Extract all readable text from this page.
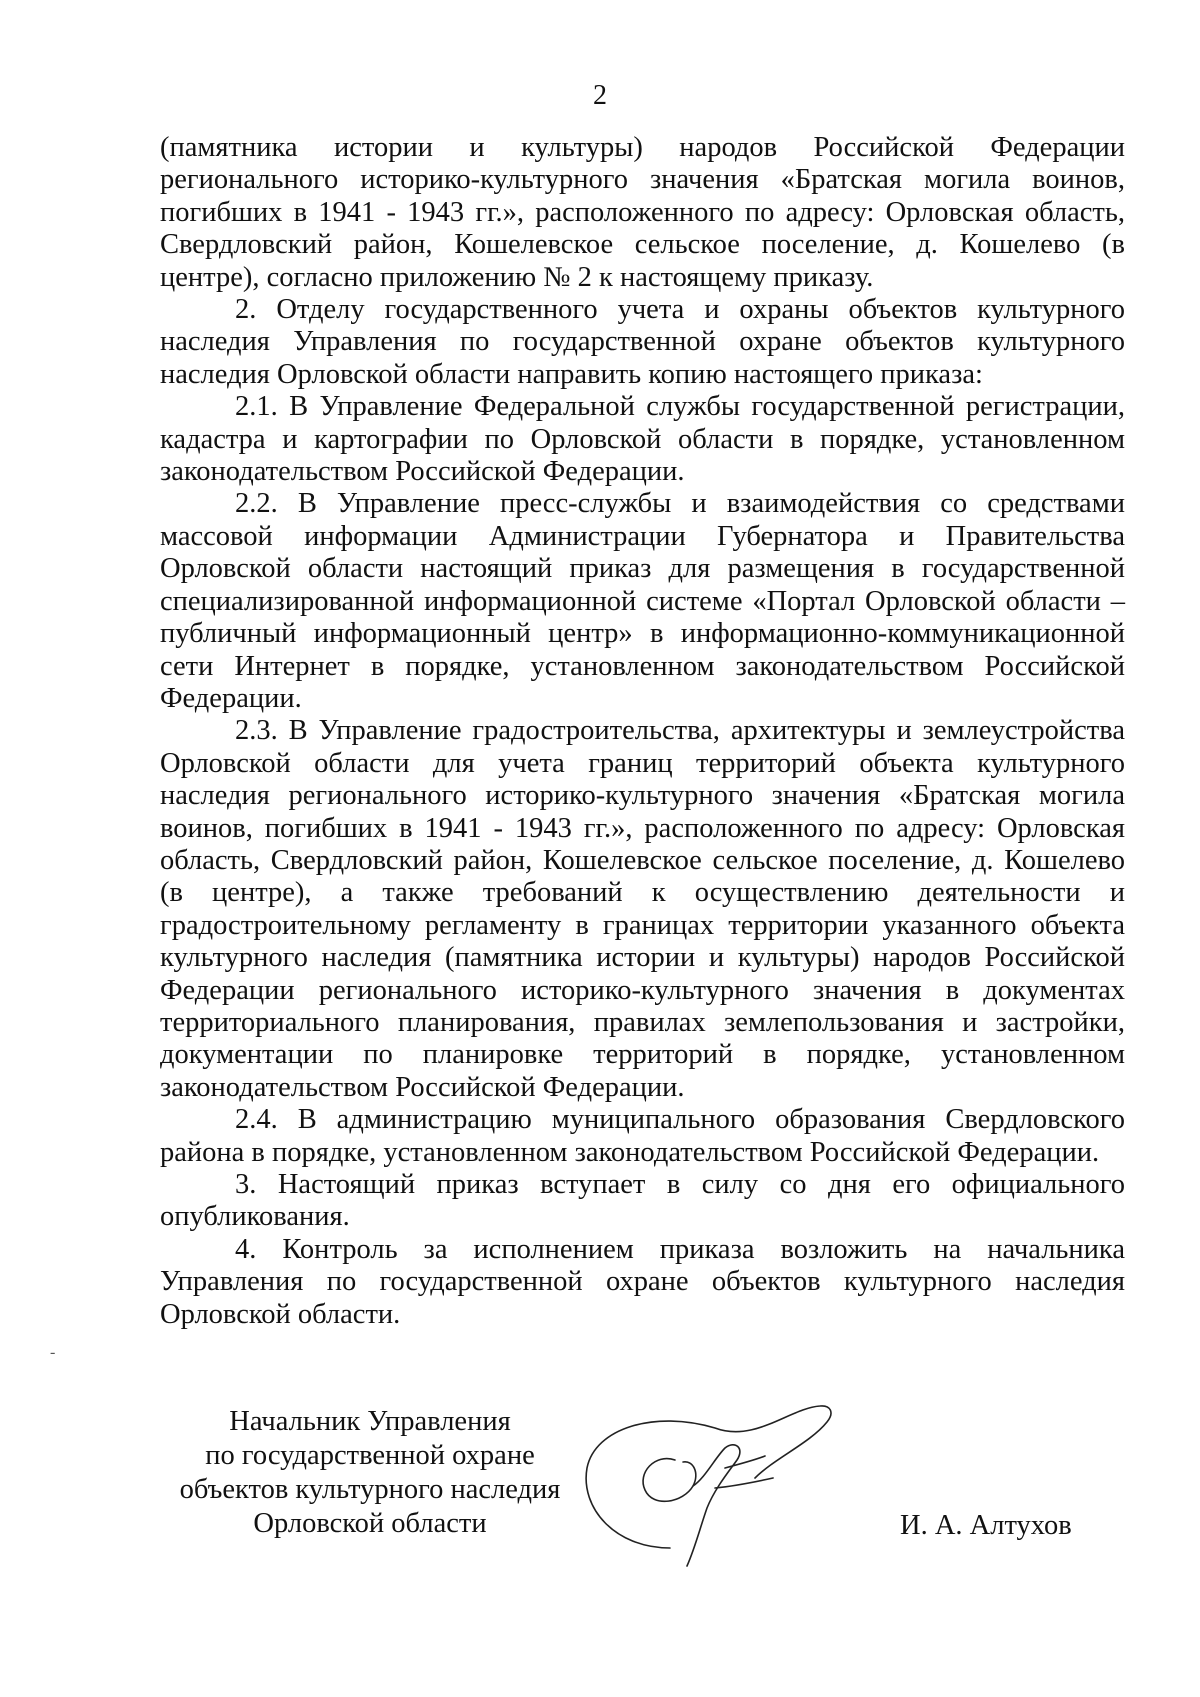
2

(памятника истории и культуры) народов Российской Федерации регионального историко-культурного значения «Братская могила воинов, погибших в 1941 - 1943 гг.», расположенного по адресу: Орловская область, Свердловский район, Кошелевское сельское поселение, д. Кошелево (в центре), согласно приложению № 2 к настоящему приказу.

2. Отделу государственного учета и охраны объектов культурного наследия Управления по государственной охране объектов культурного наследия Орловской области направить копию настоящего приказа:

2.1. В Управление Федеральной службы государственной регистрации, кадастра и картографии по Орловской области в порядке, установленном законодательством Российской Федерации.

2.2. В Управление пресс-службы и взаимодействия со средствами массовой информации Администрации Губернатора и Правительства Орловской области настоящий приказ для размещения в государственной специализированной информационной системе «Портал Орловской области – публичный информационный центр» в информационно-коммуникационной сети Интернет в порядке, установленном законодательством Российской Федерации.

2.3. В Управление градостроительства, архитектуры и землеустройства Орловской области для учета границ территорий объекта культурного наследия регионального историко-культурного значения «Братская могила воинов, погибших в 1941 - 1943 гг.», расположенного по адресу: Орловская область, Свердловский район, Кошелевское сельское поселение, д. Кошелево (в центре), а также требований к осуществлению деятельности и градостроительному регламенту в границах территории указанного объекта культурного наследия (памятника истории и культуры) народов Российской Федерации регионального историко-культурного значения в документах территориального планирования, правилах землепользования и застройки, документации по планировке территорий в порядке, установленном законодательством Российской Федерации.

2.4. В администрацию муниципального образования Свердловского района в порядке, установленном законодательством Российской Федерации.

3. Настоящий приказ вступает в силу со дня его официального опубликования.

4. Контроль за исполнением приказа возложить на начальника Управления по государственной охране объектов культурного наследия Орловской области.

-
Начальник Управления
по государственной охране
объектов культурного наследия
Орловской области	И. А. Алтухов
